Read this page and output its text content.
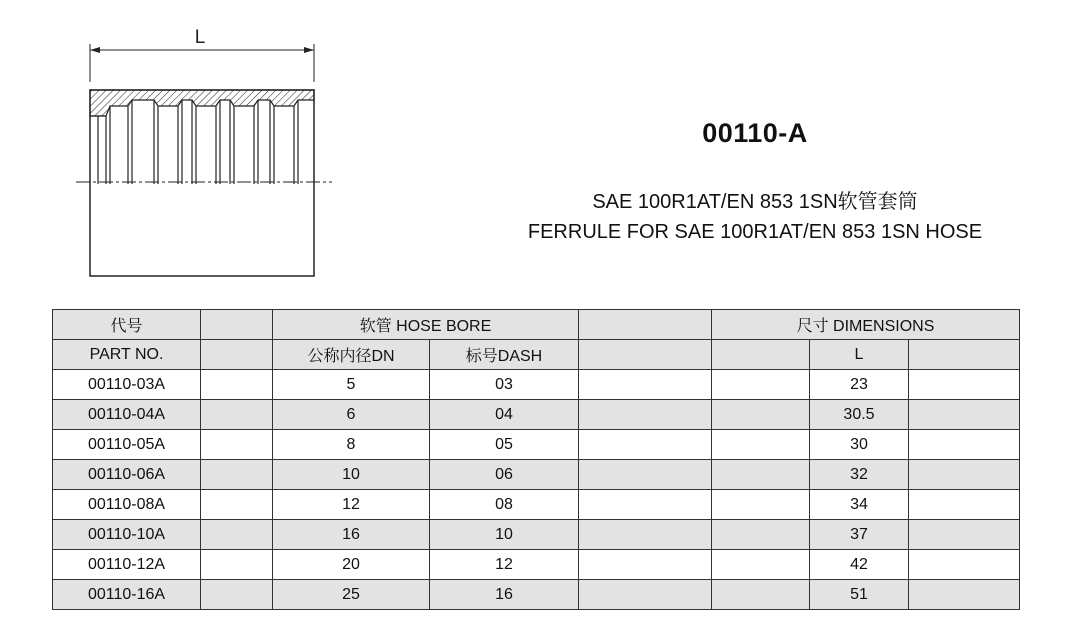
L
00110-A
SAE 100R1AT/EN 853 1SN软管套筒
FERRULE FOR SAE 100R1AT/EN 853 1SN HOSE
代号		软管 HOSE BORE			尺寸 DIMENSIONS		
PART NO.		公称内径DN	标号DASH			L	
00110-03A		5	03			23	
00110-04A		6	04			30.5	
00110-05A		8	05			30	
00110-06A		10	06			32	
00110-08A		12	08			34	
00110-10A		16	10			37	
00110-12A		20	12			42	
00110-16A		25	16			51	
